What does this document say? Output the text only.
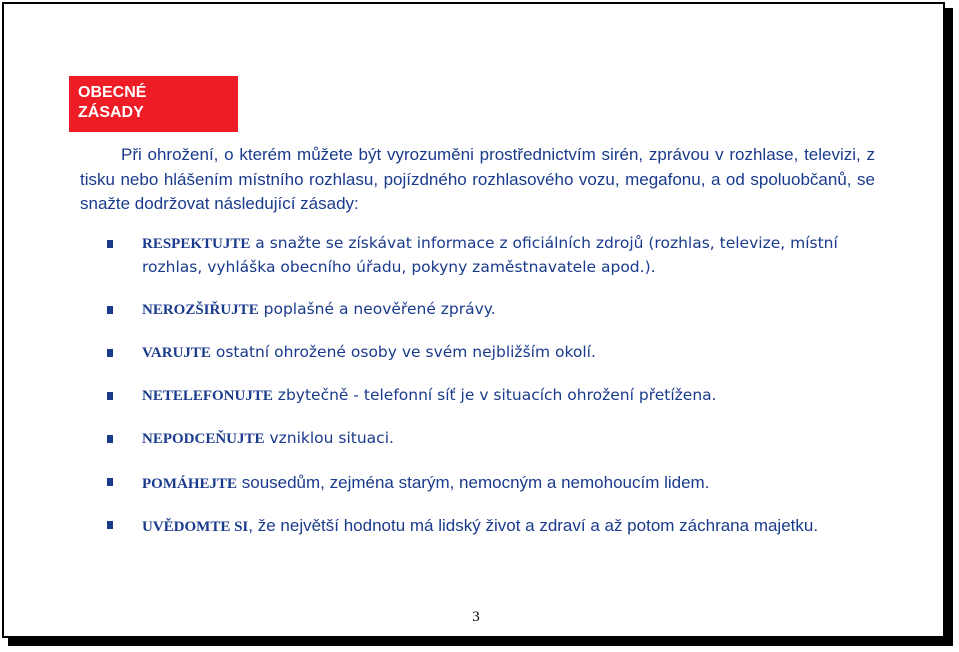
OBECNÉ
ZÁSADY
Při ohrožení, o kterém můžete být vyrozuměni prostřednictvím sirén, zprávou v rozhlase, televizi, z tisku nebo hlášením místního rozhlasu, pojízdného rozhlasového vozu, megafonu, a od spoluobčanů, se snažte dodržovat následující zásady:
RESPEKTUJTE a snažte se získávat informace z oficiálních zdrojů (rozhlas, televize, místní rozhlas, vyhláška obecního úřadu, pokyny zaměstnavatele apod.).
NEROZŠIŘUJTE poplašné a neověřené zprávy.
VARUJTE ostatní ohrožené osoby ve svém nejbližším okolí.
NETELEFONUJTE zbytečně - telefonní síť je v situacích ohrožení přetížena.
NEPODCEŇUJTE vzniklou situaci.
POMÁHEJTE sousedům, zejména starým, nemocným a nemohoucím lidem.
UVĚDOMTE SI, že největší hodnotu má lidský život a zdraví a až potom záchrana majetku.
3
